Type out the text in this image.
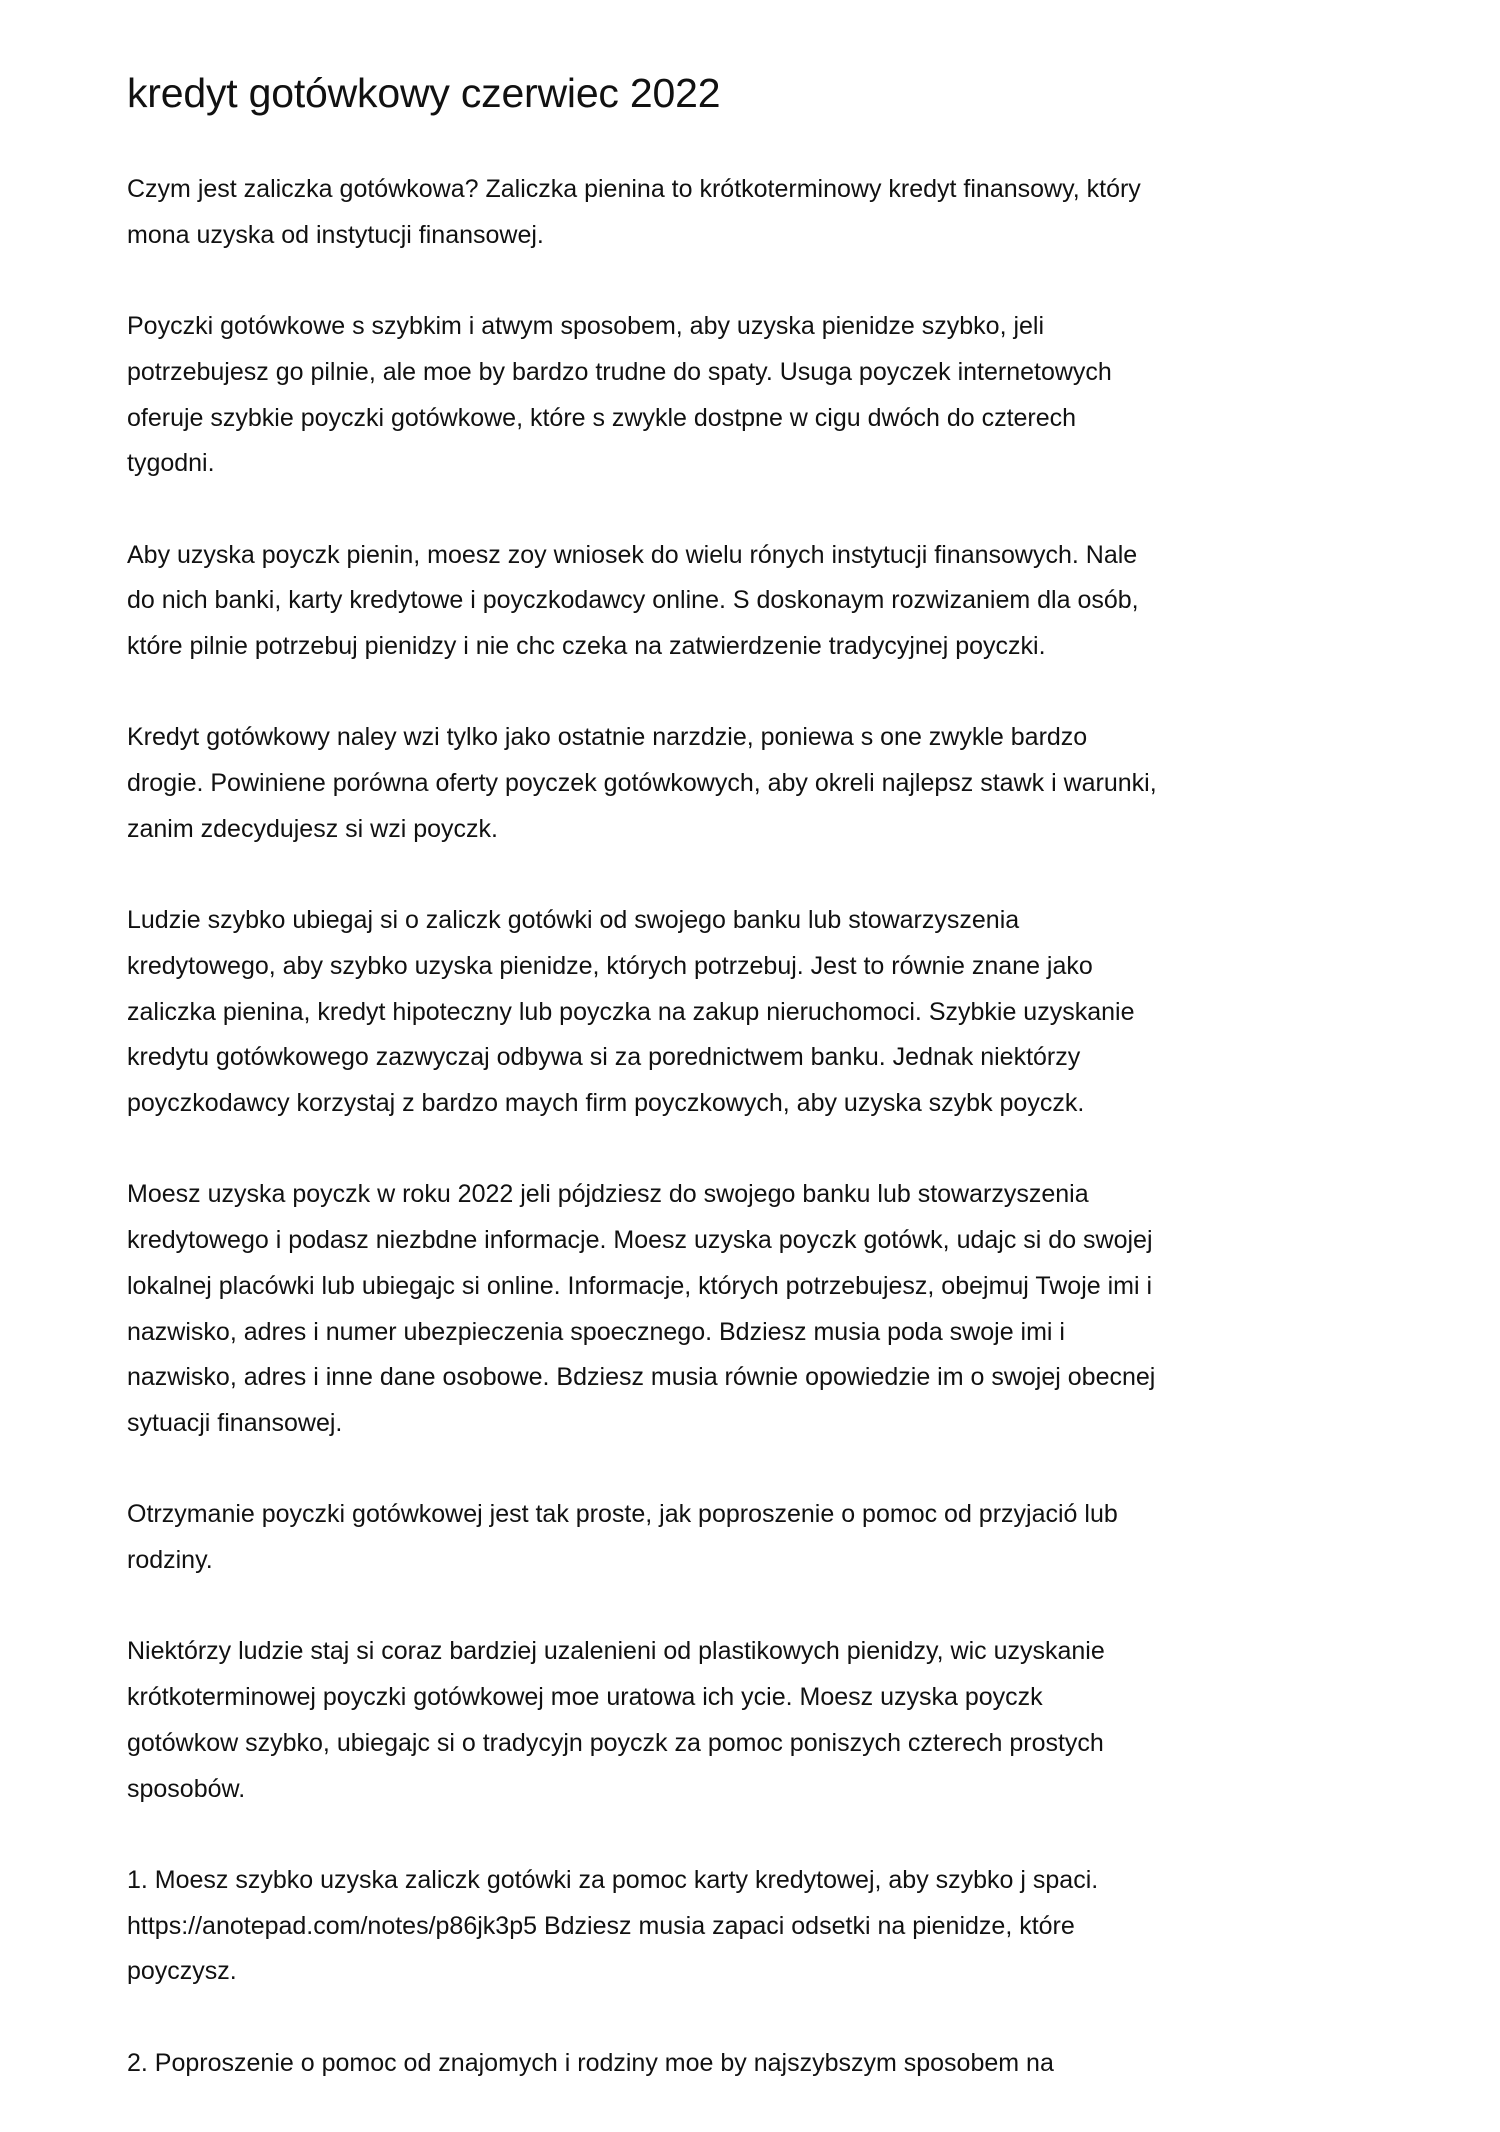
kredyt gotówkowy czerwiec 2022

Czym jest zaliczka gotówkowa? Zaliczka pienina to krótkoterminowy kredyt finansowy, który
mona uzyska od instytucji finansowej.

Poyczki gotówkowe s szybkim i atwym sposobem, aby uzyska pienidze szybko, jeli
potrzebujesz go pilnie, ale moe by bardzo trudne do spaty. Usuga poyczek internetowych
oferuje szybkie poyczki gotówkowe, które s zwykle dostpne w cigu dwóch do czterech
tygodni.

Aby uzyska poyczk pienin, moesz zoy wniosek do wielu rónych instytucji finansowych. Nale
do nich banki, karty kredytowe i poyczkodawcy online. S doskonaym rozwizaniem dla osób,
które pilnie potrzebuj pienidzy i nie chc czeka na zatwierdzenie tradycyjnej poyczki.

Kredyt gotówkowy naley wzi tylko jako ostatnie narzdzie, poniewa s one zwykle bardzo
drogie. Powiniene porówna oferty poyczek gotówkowych, aby okreli najlepsz stawk i warunki,
zanim zdecydujesz si wzi poyczk.

Ludzie szybko ubiegaj si o zaliczk gotówki od swojego banku lub stowarzyszenia
kredytowego, aby szybko uzyska pienidze, których potrzebuj. Jest to równie znane jako
zaliczka pienina, kredyt hipoteczny lub poyczka na zakup nieruchomoci. Szybkie uzyskanie
kredytu gotówkowego zazwyczaj odbywa si za porednictwem banku. Jednak niektórzy
poyczkodawcy korzystaj z bardzo maych firm poyczkowych, aby uzyska szybk poyczk.

Moesz uzyska poyczk w roku 2022 jeli pójdziesz do swojego banku lub stowarzyszenia
kredytowego i podasz niezbdne informacje. Moesz uzyska poyczk gotówk, udajc si do swojej
lokalnej placówki lub ubiegajc si online. Informacje, których potrzebujesz, obejmuj Twoje imi i
nazwisko, adres i numer ubezpieczenia spoecznego. Bdziesz musia poda swoje imi i
nazwisko, adres i inne dane osobowe. Bdziesz musia równie opowiedzie im o swojej obecnej
sytuacji finansowej.

Otrzymanie poyczki gotówkowej jest tak proste, jak poproszenie o pomoc od przyjació lub
rodziny.

Niektórzy ludzie staj si coraz bardziej uzalenieni od plastikowych pienidzy, wic uzyskanie
krótkoterminowej poyczki gotówkowej moe uratowa ich ycie. Moesz uzyska poyczk
gotówkow szybko, ubiegajc si o tradycyjn poyczk za pomoc poniszych czterech prostych
sposobów.

1. Moesz szybko uzyska zaliczk gotówki za pomoc karty kredytowej, aby szybko j spaci.
https://anotepad.com/notes/p86jk3p5 Bdziesz musia zapaci odsetki na pienidze, które
poyczysz.

2. Poproszenie o pomoc od znajomych i rodziny moe by najszybszym sposobem na
